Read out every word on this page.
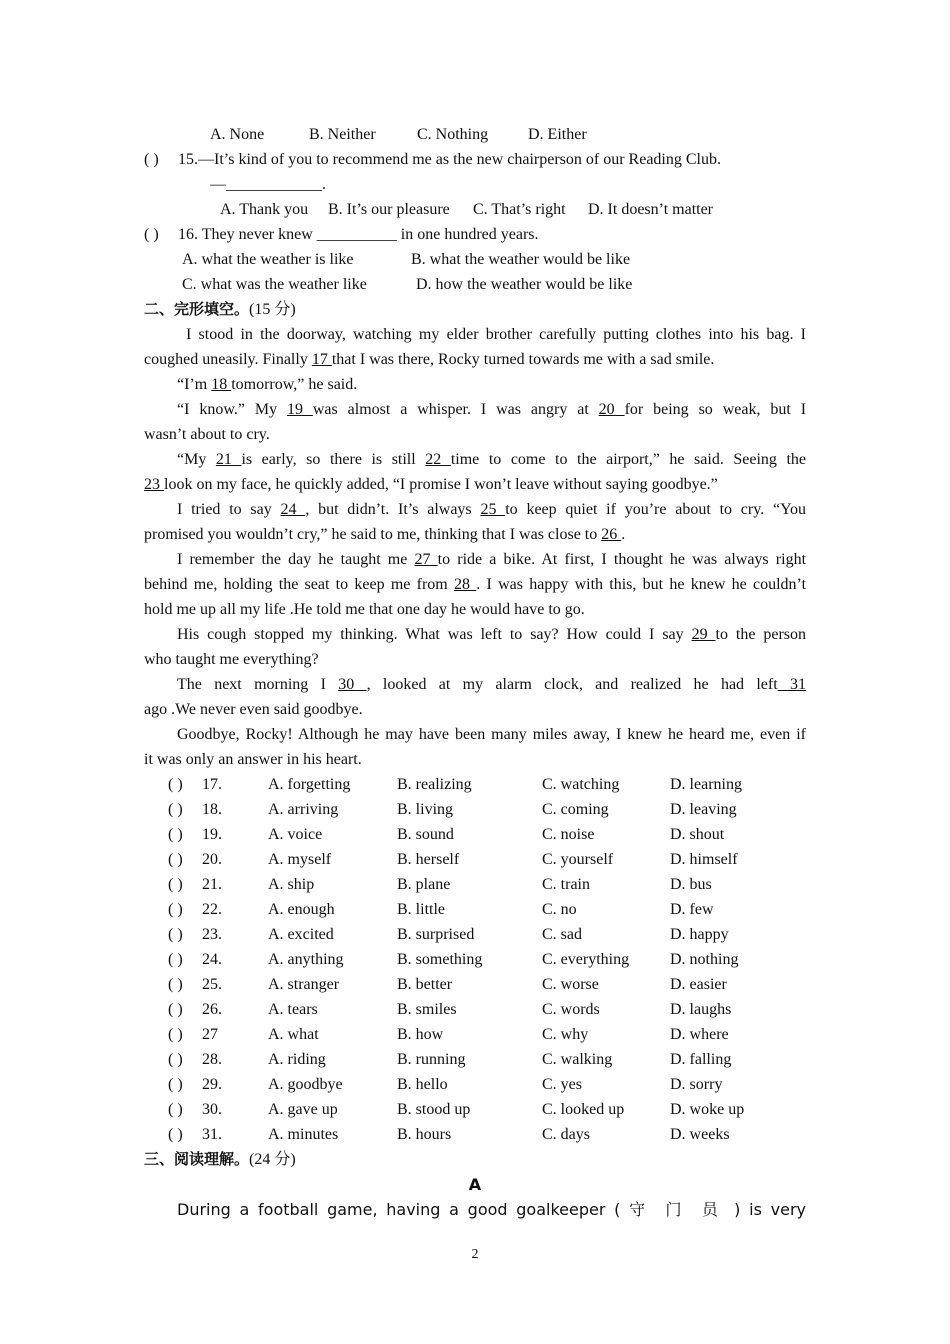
A. None	B. Neither	C. Nothing D. Either
( ) 15.—It’s kind of you to recommend me as the new chairperson of our Reading Club.
—____________.
A. Thank you B. It’s our pleasure C. That’s right D. It doesn’t matter
( ) 16. They never knew __________ in one hundred years.
A. what the weather is like	B. what the weather would be like
C. what was the weather like	D. how the weather would be like
二、完形填空。(15 分)
I stood in the doorway, watching my elder brother carefully putting clothes into his bag. I
coughed uneasily. Finally 17 that I was there, Rocky turned towards me with a sad smile.
“I’m 18 tomorrow,” he said.
“I know.” My 19 was almost a whisper. I was angry at 20 for being so weak, but I
wasn’t about to cry.
“My 21 is early, so there is still 22 time to come to the airport,” he said. Seeing the
23 look on my face, he quickly added, “I promise I won’t leave without saying goodbye.”
I tried to say 24 , but didn’t. It’s always 25 to keep quiet if you’re about to cry. “You
promised you wouldn’t cry,” he said to me, thinking that I was close to 26 .
I remember the day he taught me 27 to ride a bike. At first, I thought he was always right
behind me, holding the seat to keep me from 28 . I was happy with this, but he knew he couldn’t
hold me up all my life .He told me that one day he would have to go.
His cough stopped my thinking. What was left to say? How could I say 29 to the person
who taught me everything?
The next morning I 30 , looked at my alarm clock, and realized he had left 31
ago .We never even said goodbye.
Goodbye, Rocky! Although he may have been many miles away, I knew he heard me, even if
it was only an answer in his heart.
( ) 17.	A. forgetting	B. realizing	C. watching	D. learning
( ) 18.	A. arriving	B. living	C. coming	D. leaving
( ) 19.	A. voice	B. sound	C. noise	D. shout
( ) 20.	A. myself	B. herself	C. yourself	D. himself
( ) 21.	A. ship	B. plane	C. train	D. bus
( ) 22.	A. enough	B. little	C. no	D. few
( ) 23.	A. excited	B. surprised	C. sad	D. happy
( ) 24.	A. anything	B. something	C. everything	D. nothing
( ) 25.	A. stranger	B. better	C. worse	D. easier
( ) 26.	A. tears	B. smiles	C. words	D. laughs
( ) 27	A. what	B. how	C. why	D. where
( ) 28.	A. riding	B. running	C. walking	D. falling
( ) 29.	A. goodbye	B. hello	C. yes	D. sorry
( ) 30.	A. gave up	B. stood up	C. looked up	D. woke up
( ) 31.	A. minutes	B. hours	C. days	D. weeks
三、阅读理解。(24 分)
A
During a football game, having a good goalkeeper ( 守 门 员 ) is very
2
